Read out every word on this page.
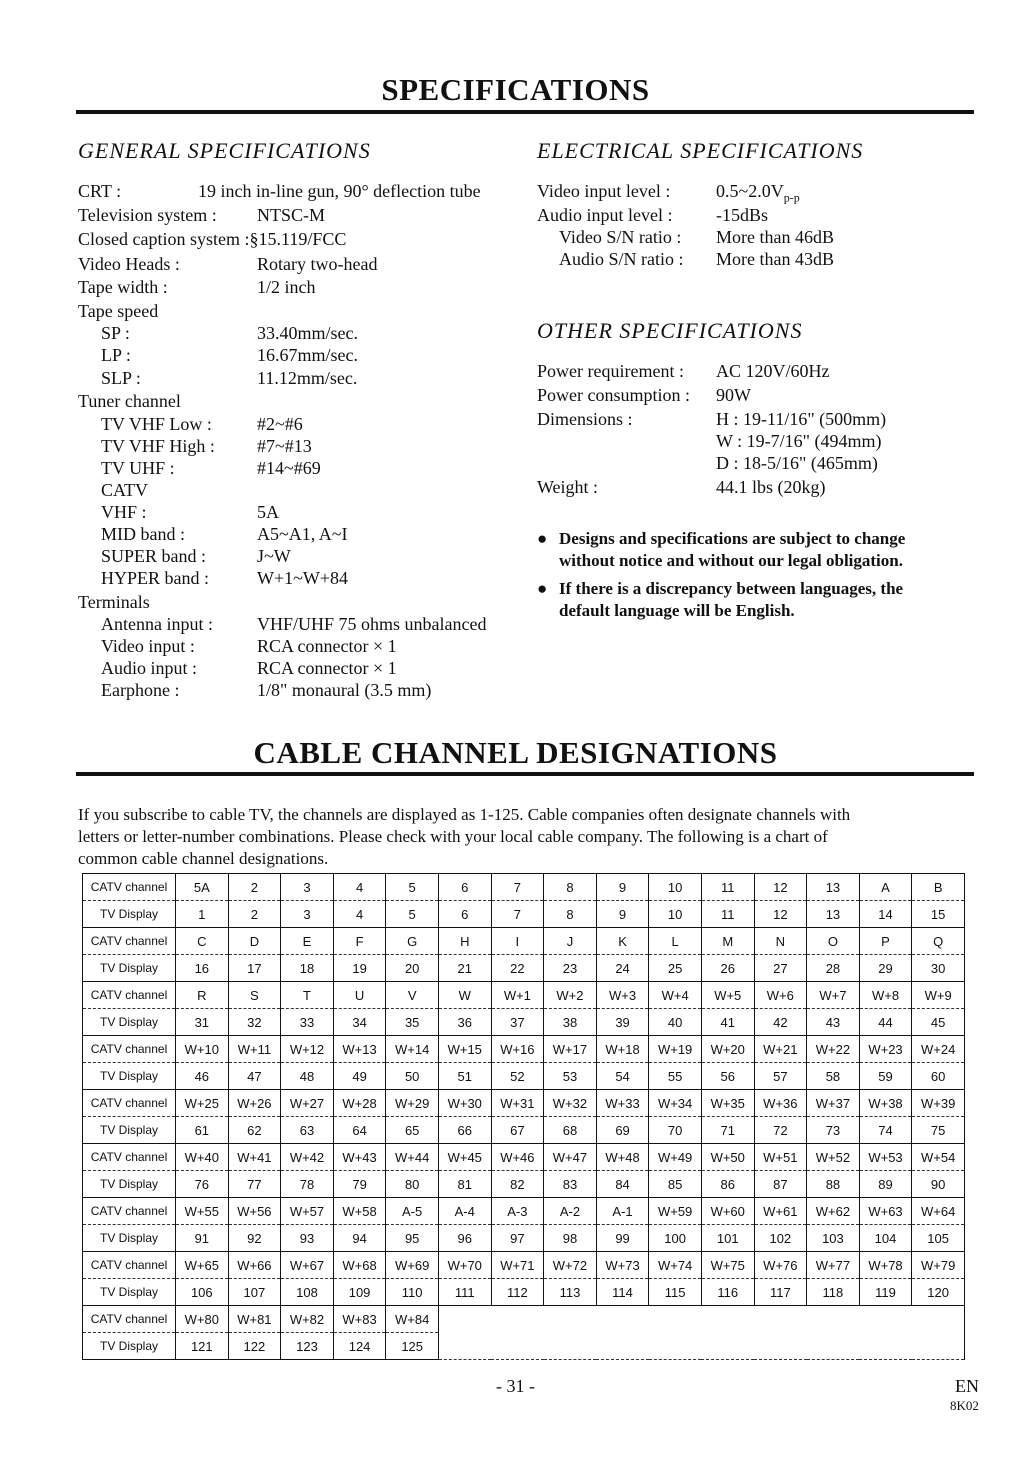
SPECIFICATIONS
GENERAL SPECIFICATIONS
CRT :	19 inch in-line gun, 90° deflection tube
Television system : NTSC-M
Closed caption system :§15.119/FCC
Video Heads :	Rotary two-head
Tape width :	1/2 inch
Tape speed
SP :	33.40mm/sec.
LP :	16.67mm/sec.
SLP :	11.12mm/sec.
Tuner channel
TV VHF Low :	#2~#6
TV VHF High : #7~#13
TV UHF :	#14~#69
CATV
VHF :	5A
MID band :	A5~A1, A~I
SUPER band :	J~W
HYPER band :	W+1~W+84
Terminals
Antenna input : VHF/UHF 75 ohms unbalanced
Video input :	RCA connector × 1
Audio input :	RCA connector × 1
Earphone :	1/8" monaural (3.5 mm)
ELECTRICAL SPECIFICATIONS
Video input level :	$0.5\sim 2.0V_{p-p}$
Audio input level : -15dBs
Video S/N ratio : More than 46dB
Audio S/N ratio : More than 43dB
OTHER SPECIFICATIONS
Power requirement : AC 120V/60Hz
Power consumption : 90W
Dimensions :	H : 19-11/16" (500mm)
W : 19-7/16" (494mm)
D : 18-5/16" (465mm)
Weight :	44.1 lbs (20kg)
● Designs and specifications are subject to change
without notice and without our legal obligation.
● If there is a discrepancy between languages, the
default language will be English.
CABLE CHANNEL DESIGNATIONS
If you subscribe to cable TV, the channels are displayed as 1-125. Cable companies often designate channels with
letters or letter-number combinations. Please check with your local cable company. The following is a chart of
common cable channel designations.
CATV channel	5A	2	3	4	5	6	7	8	9	10	11	12	13	A	B
TV Display	1	2	3	4	5	6	7	8	9	10	11	12	13	14	15
CATV channel	C	D	E	F	G	H	I	J	K	L	M	N	O	P	Q
TV Display	16	17	18	19	20	21	22	23	24	25	26	27	28	29	30
CATV channel	R	S	T	U	V	W	W+1	W+2	W+3	W+4	W+5	W+6	W+7	W+8	W+9
TV Display	31	32	33	34	35	36	37	38	39	40	41	42	43	44	45
CATV channel	W+10	W+11	W+12	W+13	W+14	W+15	W+16	W+17	W+18	W+19	W+20	W+21	W+22	W+23	W+24
TV Display	46	47	48	49	50	51	52	53	54	55	56	57	58	59	60
CATV channel	W+25	W+26	W+27	W+28	W+29	W+30	W+31	W+32	W+33	W+34	W+35	W+36	W+37	W+38	W+39
TV Display	61	62	63	64	65	66	67	68	69	70	71	72	73	74	75
CATV channel	W+40	W+41	W+42	W+43	W+44	W+45	W+46	W+47	W+48	W+49	W+50	W+51	W+52	W+53	W+54
TV Display	76	77	78	79	80	81	82	83	84	85	86	87	88	89	90
CATV channel	W+55	W+56	W+57	W+58	A-5	A-4	A-3	A-2	A-1	W+59	W+60	W+61	W+62	W+63	W+64
TV Display	91	92	93	94	95	96	97	98	99	100	101	102	103	104	105
CATV channel	W+65	W+66	W+67	W+68	W+69	W+70	W+71	W+72	W+73	W+74	W+75	W+76	W+77	W+78	W+79
TV Display	106	107	108	109	110	111	112	113	114	115	116	117	118	119	120
CATV channel	W+80	W+81	W+82	W+83	W+84										
TV Display	121	122	123	124	125										
- 31 -	EN
8K02
